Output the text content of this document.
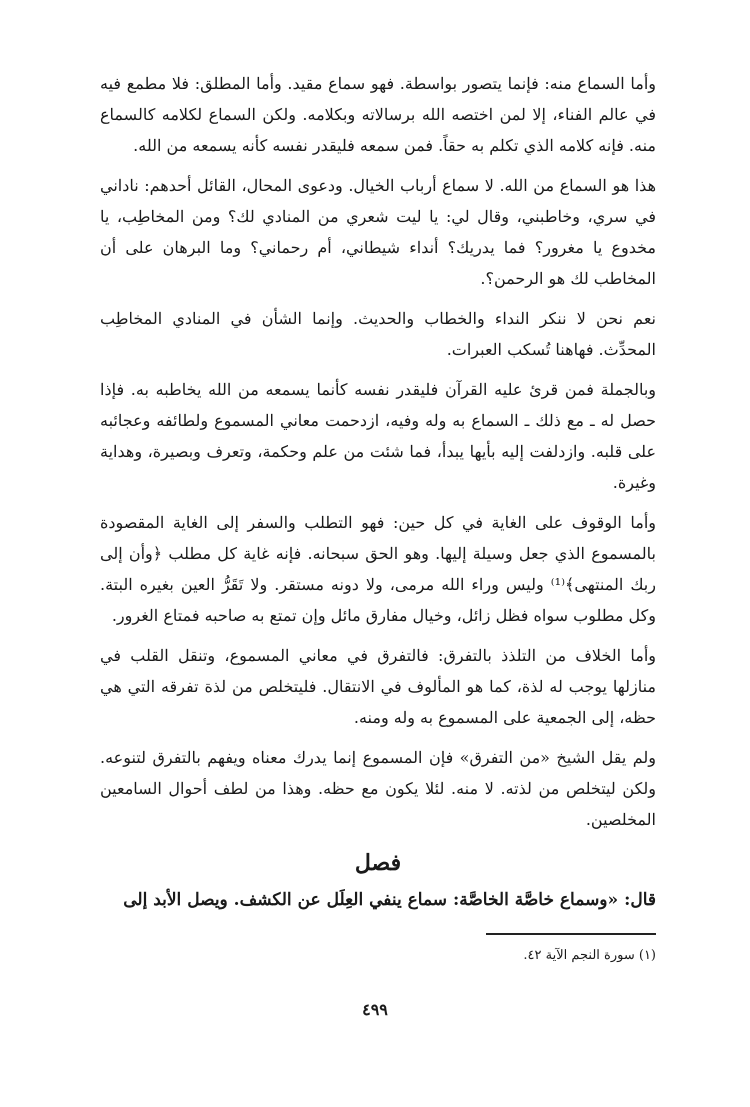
وأما السماع منه: فإنما يتصور بواسطة. فهو سماع مقيد. وأما المطلق: فلا مطمع فيه في عالم الفناء، إلا لمن اختصه الله برسالاته وبكلامه. ولكن السماع لكلامه كالسماع منه. فإنه كلامه الذي تكلم به حقاً. فمن سمعه فليقدر نفسه كأنه يسمعه من الله.

هذا هو السماع من الله. لا سماع أرباب الخيال. ودعوى المحال، القائل أحدهم: ناداني في سري، وخاطبني، وقال لي: يا ليت شعري من المنادي لك؟ ومن المخاطِب، يا مخدوع يا مغرور؟ فما يدريك؟ أنداء شيطاني، أم رحماني؟ وما البرهان على أن المخاطب لك هو الرحمن؟.

نعم نحن لا ننكر النداء والخطاب والحديث. وإنما الشأن في المنادي المخاطِب المحدِّث. فهاهنا تُسكب العبرات.

وبالجملة فمن قرئ عليه القرآن فليقدر نفسه كأنما يسمعه من الله يخاطبه به. فإذا حصل له ـ مع ذلك ـ السماع به وله وفيه، ازدحمت معاني المسموع ولطائفه وعجائبه على قلبه. وازدلفت إليه بأيها يبدأ، فما شئت من علم وحكمة، وتعرف وبصيرة، وهداية وغيرة.

وأما الوقوف على الغاية في كل حين: فهو التطلب والسفر إلى الغاية المقصودة بالمسموع الذي جعل وسيلة إليها. وهو الحق سبحانه. فإنه غاية كل مطلب ﴿وأن إلى ربك المنتهى﴾⁽¹⁾ وليس وراء الله مرمى، ولا دونه مستقر. ولا تَقَرُّ العين بغيره البتة. وكل مطلوب سواه فظل زائل، وخيال مفارق مائل وإن تمتع به صاحبه فمتاع الغرور.

وأما الخلاف من التلذذ بالتفرق: فالتفرق في معاني المسموع، وتنقل القلب في منازلها يوجب له لذة، كما هو المألوف في الانتقال. فليتخلص من لذة تفرقه التي هي حظه، إلى الجمعية على المسموع به وله ومنه.

ولم يقل الشيخ «من التفرق» فإن المسموع إنما يدرك معناه ويفهم بالتفرق لتنوعه. ولكن ليتخلص من لذته. لا منه. لئلا يكون مع حظه. وهذا من لطف أحوال السامعين المخلصين.

فصل

قال: «وسماع خاصَّة الخاصَّة: سماع ينفي العِلَل عن الكشف. ويصل الأبد إلى

(١) سورة النجم الآية ٤٢.
٤٩٩
